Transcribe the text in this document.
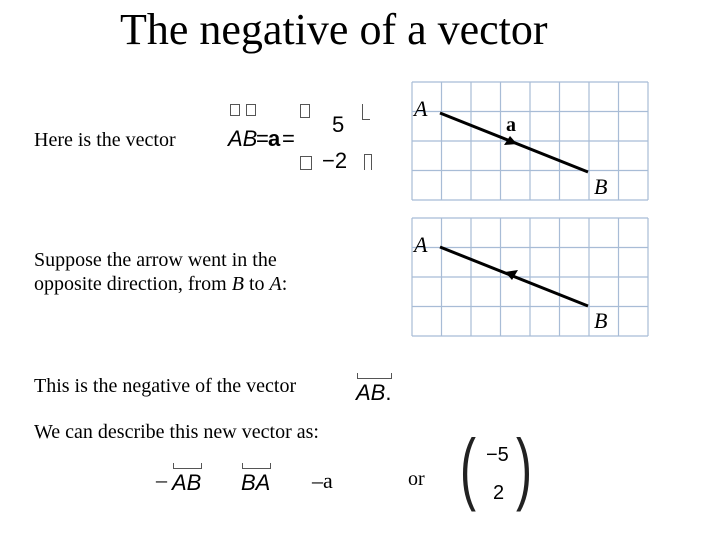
The negative of a vector
A
a
B
A
B
Here is the vector AB
= a =
5
−2
Suppose the arrow went in the
opposite direction, from B to A:
This is the negative of the vector	AB.
We can describe this new vector as:
– AB BA –a	or ( )
−5
2
